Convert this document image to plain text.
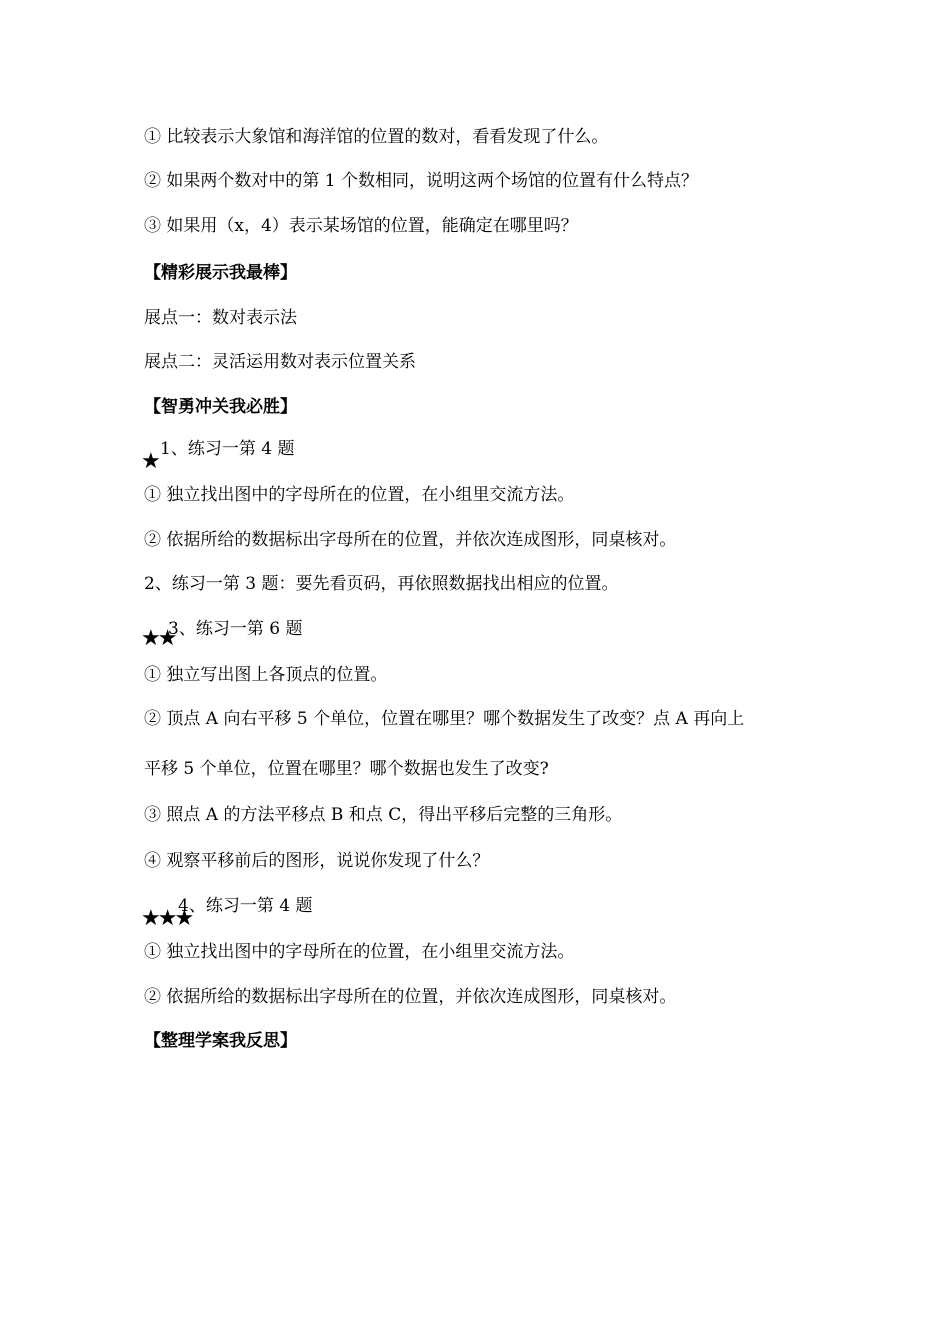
① 比较表示大象馆和海洋馆的位置的数对，看看发现了什么。
② 如果两个数对中的第 1 个数相同，说明这两个场馆的位置有什么特点？
③ 如果用（x，4）表示某场馆的位置，能确定在哪里吗？
【精彩展示我最棒】
展点一：数对表示法
展点二：灵活运用数对表示位置关系
【智勇冲关我必胜】
1、练习一第 4 题
★
① 独立找出图中的字母所在的位置，在小组里交流方法。
② 依据所给的数据标出字母所在的位置，并依次连成图形，同桌核对。
2、练习一第 3 题：要先看页码，再依照数据找出相应的位置。
3、练习一第 6 题
★★
① 独立写出图上各顶点的位置。
② 顶点 A 向右平移 5 个单位，位置在哪里？哪个数据发生了改变？点 A 再向上
平移 5 个单位，位置在哪里？哪个数据也发生了改变?
③ 照点 A 的方法平移点 B 和点 C，得出平移后完整的三角形。
④ 观察平移前后的图形，说说你发现了什么？
4、练习一第 4 题
★★★
① 独立找出图中的字母所在的位置，在小组里交流方法。
② 依据所给的数据标出字母所在的位置，并依次连成图形，同桌核对。
【整理学案我反思】
